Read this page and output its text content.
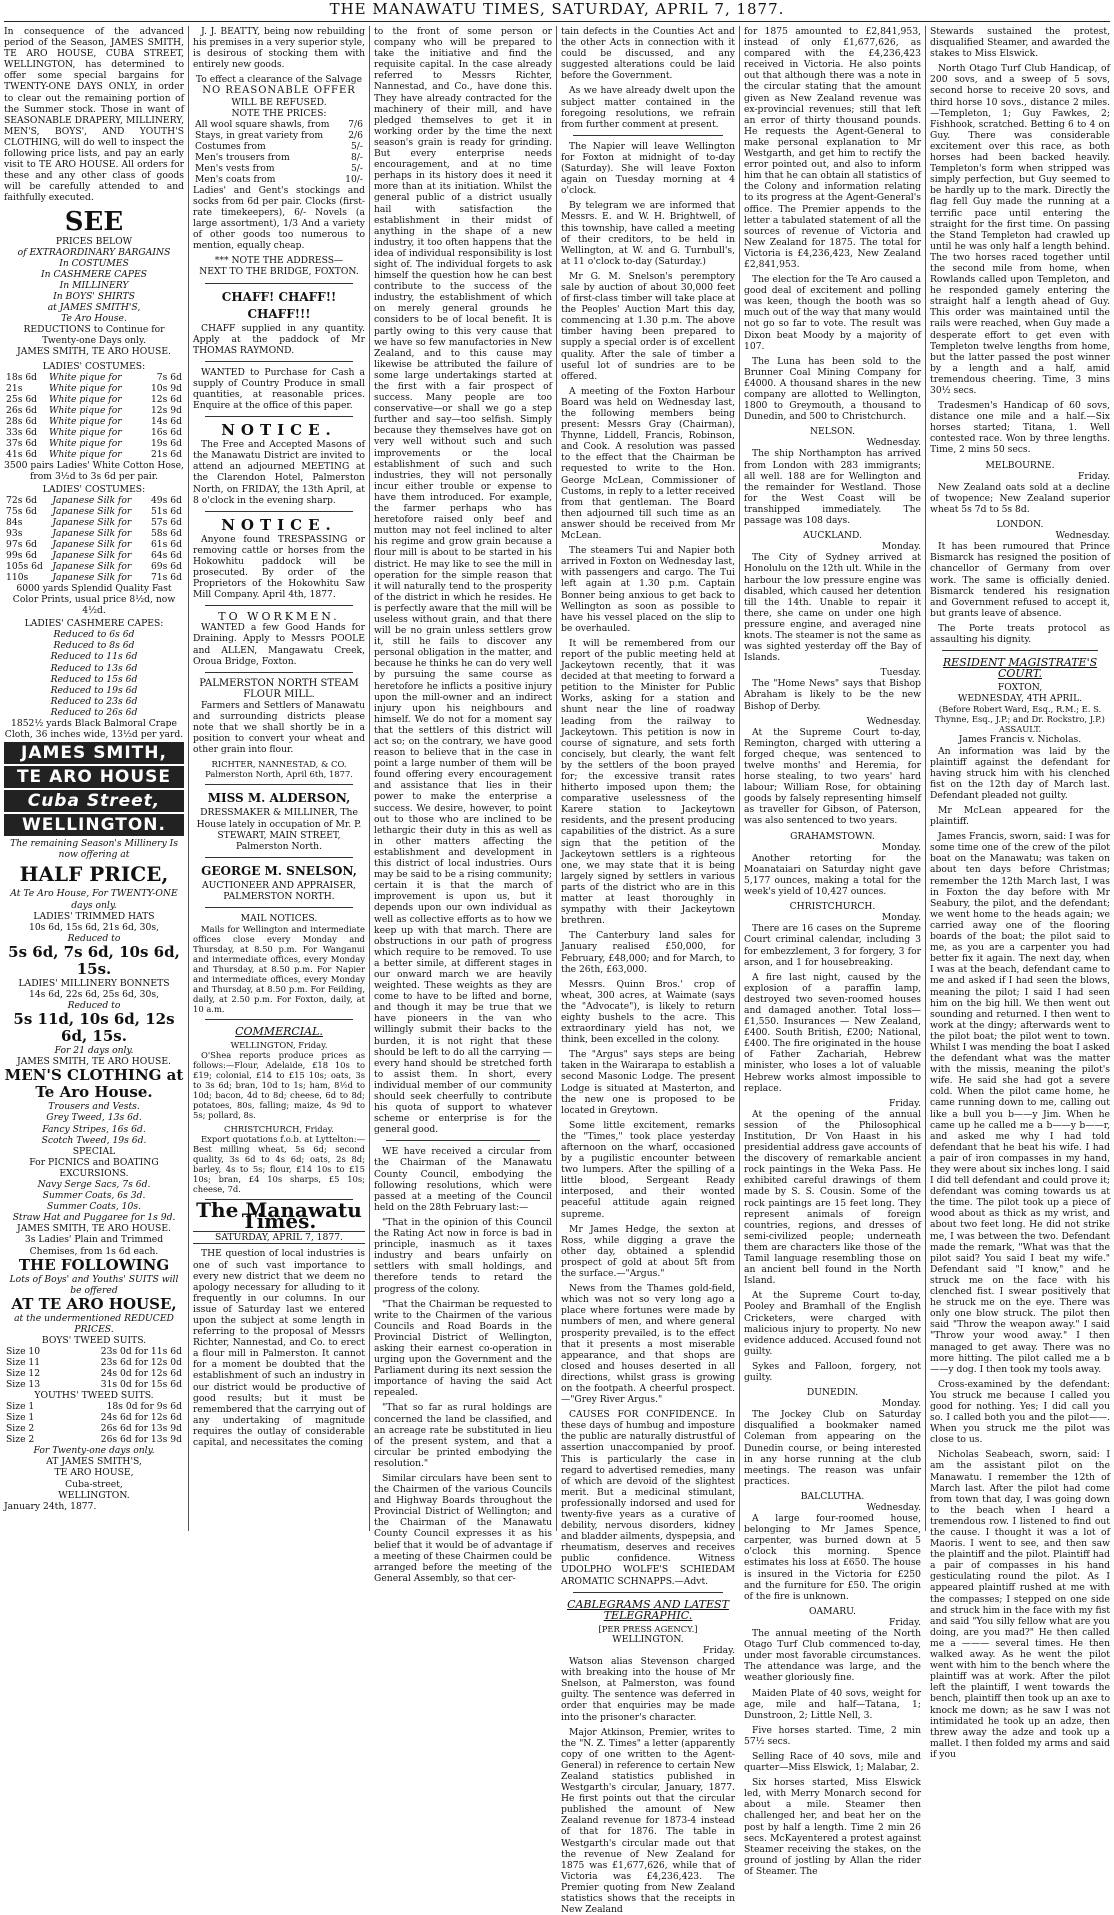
THE MANAWATU TIMES, SATURDAY, APRIL 7, 1877.

In consequence of the advanced period of the Season, JAMES SMITH, TE ARO HOUSE, CUBA STREET, WELLINGTON, has determined to offer some special bargains for TWENTY-ONE DAYS ONLY, in order to clear out the remaining portion of the Summer stock. Those in want of SEASONABLE DRAPERY, MILLINERY, MEN'S, BOYS', AND YOUTH'S CLOTHING, will do well to inspect the following price lists, and pay an early visit to TE ARO HOUSE. All orders for these and any other class of goods will be carefully attended to and faithfully executed.

SEE
PRICES BELOW
of EXTRAORDINARY BARGAINS
In COSTUMES
In CASHMERE CAPES
In MILLINERY
In BOYS' SHIRTS
at JAMES SMITH'S,
Te Aro House.
REDUCTIONS to Continue for Twenty-one Days only.
JAMES SMITH, TE ARO HOUSE.
LADIES' COSTUMES:
18s 6d	White pique for	7s 6d
21s	White pique for	10s 9d
25s 6d	White pique for	12s 6d
26s 6d	White pique for	12s 9d
28s 6d	White pique for	14s 6d
33s 6d	White pique for	16s 6d
37s 6d	White pique for	19s 6d
41s 6d	White pique for	21s 6d
3500 pairs Ladies' White Cotton Hose, from 3½d to 3s 6d per pair.
LADIES' COSTUMES:
72s 6d	Japanese Silk for	49s 6d
75s 6d	Japanese Silk for	51s 6d
84s	Japanese Silk for	57s 6d
93s	Japanese Silk for	58s 6d
97s 6d	Japanese Silk for	61s 6d
99s 6d	Japanese Silk for	64s 6d
105s 6d	Japanese Silk for	69s 6d
110s	Japanese Silk for	71s 6d
6000 yards Splendid Quality Fast Color Prints, usual price 8½d, now 4½d.
LADIES' CASHMERE CAPES:
Reduced to 6s 6d
Reduced to 8s 6d
Reduced to 11s 6d
Reduced to 13s 6d
Reduced to 15s 6d
Reduced to 19s 6d
Reduced to 23s 6d
Reduced to 26s 6d
1852½ yards Black Balmoral Crape Cloth, 36 inches wide, 13½d per yard.
JAMES SMITH,
TE ARO HOUSE
Cuba Street,
WELLINGTON.
The remaining Season's Millinery Is now offering at
HALF PRICE,
At Te Aro House, For TWENTY-ONE days only.
LADIES' TRIMMED HATS
10s 6d, 15s 6d, 21s 6d, 30s,
Reduced to
5s 6d, 7s 6d, 10s 6d, 15s.
LADIES' MILLINERY BONNETS
14s 6d, 22s 6d, 25s 6d, 30s,
Reduced to
5s 11d, 10s 6d, 12s 6d, 15s.
For 21 days only.
JAMES SMITH, TE ARO HOUSE.
MEN'S CLOTHING at Te Aro House.
Trousers and Vests.
Grey Tweed, 13s 6d.
Fancy Stripes, 16s 6d.
Scotch Tweed, 19s 6d.
SPECIAL
For PICNICS and BOATING EXCURSIONS.
Navy Serge Sacs, 7s 6d.
Summer Coats, 6s 3d.
Summer Coats, 10s.
Straw Hat and Puggaree for 1s 9d.
JAMES SMITH, TE ARO HOUSE.
3s Ladies' Plain and Trimmed Chemises, from 1s 6d each.
THE FOLLOWING
Lots of Boys' and Youths' SUITS will be offered
AT TE ARO HOUSE,
at the undermentioned REDUCED PRICES.
BOYS' TWEED SUITS.
Size 10	23s 0d for 11s 6d
Size 11	23s 6d for 12s 0d
Size 12	24s 0d for 12s 6d
Size 13	31s 0d for 15s 6d
YOUTHS' TWEED SUITS.
Size 1	18s 0d for 9s 6d
Size 1	24s 6d for 12s 6d
Size 2	26s 6d for 13s 9d
Size 2	26s 6d for 13s 9d
For Twenty-one days only.
AT JAMES SMITH'S,
TE ARO HOUSE,
Cuba-street,
WELLINGTON.
January 24th, 1877.

J. J. BEATTY, being now rebuilding his premises in a very superior style, is desirous of stocking them with entirely new goods.

To effect a clearance of the Salvage
NO REASONABLE OFFER
WILL BE REFUSED.
NOTE THE PRICES:
All wool square shawls, from	7/6
Stays, in great variety from	2/6
Costumes from	5/-
Men's trousers from	8/-
Men's vests from	5/-
Men's coats from	10/-

Ladies' and Gent's stockings and socks from 6d per pair. Clocks (first-rate timekeepers), 6/- Novels (a large assortment), 1/3 And a variety of other goods too numerous to mention, equally cheap.

*** NOTE THE ADDRESS—
NEXT TO THE BRIDGE, FOXTON.
CHAFF! CHAFF!! CHAFF!!!

CHAFF supplied in any quantity. Apply at the paddock of Mr THOMAS RAYMOND.

WANTED to Purchase for Cash a supply of Country Produce in small quantities, at reasonable prices. Enquire at the office of this paper.

NOTICE.

The Free and Accepted Masons of the Manawatu District are invited to attend an adjourned MEETING at the Clarendon Hotel, Palmerston North, on FRIDAY, the 13th April, at 8 o'clock in the evening sharp.

NOTICE.

Anyone found TRESPASSING or removing cattle or horses from the Hokowhitu paddock will be prosecuted. By order of the Proprietors of the Hokowhitu Saw Mill Company. April 4th, 1877.

TO WORKMEN.

WANTED a few Good Hands for Draining. Apply to Messrs POOLE and ALLEN, Mangawatu Creek, Oroua Bridge, Foxton.

PALMERSTON NORTH STEAM FLOUR MILL.

Farmers and Settlers of Manawatu and surrounding districts please note that we shall shortly be in a position to convert your wheat and other grain into flour.

RICHTER, NANNESTAD, & CO. Palmerston North, April 6th, 1877.
MISS M. ALDERSON,

DRESSMAKER & MILLINER, The House lately in occupation of Mr. P. STEWART, MAIN STREET, Palmerston North.

GEORGE M. SNELSON,

AUCTIONEER AND APPRAISER, PALMERSTON NORTH.

MAIL NOTICES.

Mails for Wellington and intermediate offices close every Monday and Thursday, at 8.50 p.m. For Wanganui and intermediate offices, every Monday and Thursday, at 8.50 p.m. For Napier and intermediate offices, every Monday and Thursday, at 8.50 p.m. For Feilding, daily, at 2.50 p.m. For Foxton, daily, at 10 a.m.

COMMERCIAL.
WELLINGTON, Friday.

O'Shea reports produce prices as follows:—Flour, Adelaide, £18 10s to £19; colonial, £14 to £15 10s; oats, 3s to 3s 6d; bran, 10d to 1s; ham, 8½d to 10d; bacon, 4d to 8d; cheese, 6d to 8d; potatoes, 80s, falling; maize, 4s 9d to 5s; pollard, 8s.

CHRISTCHURCH, Friday.

Export quotations f.o.b. at Lyttelton:—Best milling wheat, 5s 6d; second quality, 3s 6d to 4s 6d; oats, 2s 8d; barley, 4s to 5s; flour, £14 10s to £15 10s; bran, £4 10s sharps, £5 10s; cheese, 7d.

The Manawatu Times.
SATURDAY, APRIL 7, 1877.

THE question of local industries is one of such vast importance to every new district that we deem no apology necessary for alluding to it frequently in our columns. In our issue of Saturday last we entered upon the subject at some length in referring to the proposal of Messrs Richter, Nannestad, and Co. to erect a flour mill in Palmerston. It cannot for a moment be doubted that the establishment of such an industry in our district would be productive of good results; but it must be remembered that the carrying out of any undertaking of magnitude requires the outlay of considerable capital, and necessitates the coming

to the front of some person or company who will be prepared to take the initiative and find the requisite capital. In the case already referred to Messrs Richter, Nannestad, and Co., have done this. They have already contracted for the machinery of their mill, and have pledged themselves to get it in working order by the time the next season's grain is ready for grinding. But every enterprise needs encouragement, and at no time perhaps in its history does it need it more than at its initiation. Whilst the general public of a district usually hail with satisfaction the establishment in their midst of anything in the shape of a new industry, it too often happens that the idea of individual responsibility is lost sight of. The individual forgets to ask himself the question how he can best contribute to the success of the industry, the establishment of which on merely general grounds he considers to be of local benefit. It is partly owing to this very cause that we have so few manufactories in New Zealand, and to this cause may likewise be attributed the failure of some large undertakings started at the first with a fair prospect of success. Many people are too conservative—or shall we go a step further and say—too selfish. Simply because they themselves have got on very well without such and such improvements or the local establishment of such and such industries, they will not personally incur either trouble or expense to have them introduced. For example, the farmer perhaps who has heretofore raised only beef and mutton may not feel inclined to alter his regime and grow grain because a flour mill is about to be started in his district. He may like to see the mill in operation for the simple reason that it will naturally tend to the prosperity of the district in which he resides. He is perfectly aware that the mill will be useless without grain, and that there will be no grain unless settlers grow it, still he fails to discover any personal obligation in the matter, and because he thinks he can do very well by pursuing the same course as heretofore he inflicts a positive injury upon the mill-owner and an indirect injury upon his neighbours and himself. We do not for a moment say that the settlers of this district will act so; on the contrary, we have good reason to believe that in the case in point a large number of them will be found offering every encouragement and assistance that lies in their power to make the enterprise a success. We desire, however, to point out to those who are inclined to be lethargic their duty in this as well as in other matters affecting the establishment and development in this district of local industries. Ours may be said to be a rising community; certain it is that the march of improvement is upon us, but it depends upon our own individual as well as collective efforts as to how we keep up with that march. There are obstructions in our path of progress which require to be removed. To use a better simile, at different stages in our onward march we are heavily weighted. These weights as they are come to have to be lifted and borne, and though it may be true that we have pioneers in the van who willingly submit their backs to the burden, it is not right that these should be left to do all the carrying — every hand should be stretched forth to assist them. In short, every individual member of our community should seek cheerfully to contribute his quota of support to whatever scheme or enterprise is for the general good.

WE have received a circular from the Chairman of the Manawatu County Council, embodying the following resolutions, which were passed at a meeting of the Council held on the 28th February last:—

"That in the opinion of this Council the Rating Act now in force is bad in principle, inasmuch as it taxes industry and bears unfairly on settlers with small holdings, and therefore tends to retard the progress of the colony.

"That the Chairman be requested to write to the Chairmen of the various Councils and Road Boards in the Provincial District of Wellington, asking their earnest co-operation in urging upon the Government and the Parliament during its next session the importance of having the said Act repealed.

"That so far as rural holdings are concerned the land be classified, and an acreage rate be substituted in lieu of the present system, and that a circular be printed embodying the resolution."

Similar circulars have been sent to the Chairmen of the various Councils and Highway Boards throughout the Provincial District of Wellington; and the Chairman of the Manawatu County Council expresses it as his belief that it would be of advantage if a meeting of these Chairmen could be arranged before the meeting of the General Assembly, so that cer-

tain defects in the Counties Act and the other Acts in connection with it could be discussed, and any suggested alterations could be laid before the Government.

As we have already dwelt upon the subject matter contained in the foregoing resolutions, we refrain from further comment at present.

The Napier will leave Wellington for Foxton at midnight of to-day (Saturday). She will leave Foxton again on Tuesday morning at 4 o'clock.

By telegram we are informed that Messrs. E. and W. H. Brightwell, of this township, have called a meeting of their creditors, to be held in Wellington, at W. and G. Turnbull's, at 11 o'clock to-day (Saturday.)

Mr G. M. Snelson's peremptory sale by auction of about 30,000 feet of first-class timber will take place at the Peoples' Auction Mart this day, commencing at 1.30 p.m. The above timber having been prepared to supply a special order is of excellent quality. After the sale of timber a useful lot of sundries are to be offered.

A meeting of the Foxton Harbour Board was held on Wednesday last, the following members being present: Messrs Gray (Chairman), Thynne, Liddell, Francis, Robinson, and Cook. A resolution was passed to the effect that the Chairman be requested to write to the Hon. George McLean, Commissioner of Customs, in reply to a letter received from that gentleman. The Board then adjourned till such time as an answer should be received from Mr McLean.

The steamers Tui and Napier both arrived in Foxton on Wednesday last, with passengers and cargo. The Tui left again at 1.30 p.m. Captain Bonner being anxious to get back to Wellington as soon as possible to have his vessel placed on the slip to be overhauled.

It will be remembered from our report of the public meeting held at Jackeytown recently, that it was decided at that meeting to forward a petition to the Minister for Public Works, asking for a station and shunt near the line of roadway leading from the railway to Jackeytown. This petition is now in course of signature, and sets forth concisely, but clearly, the want felt by the settlers of the boon prayed for; the excessive transit rates hitherto imposed upon them; the comparative uselessness of the Karere station to Jackeytown residents, and the present producing capabilities of the district. As a sure sign that the petition of the Jackeytown settlers is a righteous one, we may state that it is being largely signed by settlers in various parts of the district who are in this matter at least thoroughly in sympathy with their Jackeytown brethren.

The Canterbury land sales for January realised £50,000, for February, £48,000; and for March, to the 26th, £63,000.

Messrs. Quinn Bros.' crop of wheat, 300 acres, at Waimate (says the "Advocate"), is likely to return eighty bushels to the acre. This extraordinary yield has not, we think, been excelled in the colony.

The "Argus" says steps are being taken in the Wairarapa to establish a second Masonic Lodge. The present Lodge is situated at Masterton, and the new one is proposed to be located in Greytown.

Some little excitement, remarks the "Times," took place yesterday afternoon on the wharf, occasioned by a pugilistic encounter between two lumpers. After the spilling of a little blood, Sergeant Ready interposed, and their wonted peaceful attitude again reigned supreme.

Mr James Hedge, the sexton at Ross, while digging a grave the other day, obtained a splendid prospect of gold at about 5ft from the surface.—"Argus."

News from the Thames gold-field, which was not so very long ago a place where fortunes were made by numbers of men, and where general prosperity prevailed, is to the effect that it presents a most miserable appearance, and that shops are closed and houses deserted in all directions, whilst grass is growing on the footpath. A cheerful prospect.—"Grey River Argus."

CAUSES FOR CONFIDENCE. In these days of humbug and imposture the public are naturally distrustful of assertion unaccompanied by proof. This is particularly the case in regard to advertised remedies, many of which are devoid of the slightest merit. But a medicinal stimulant, professionally indorsed and used for twenty-five years as a curative of debility, nervous disorders, kidney and bladder ailments, dyspepsia, and rheumatism, deserves and receives public confidence. Witness UDOLPHO WOLFE'S SCHIEDAM AROMATIC SCHNAPPS.—Advt.

CABLEGRAMS AND LATEST TELEGRAPHIC.
[PER PRESS AGENCY.]
WELLINGTON.
Friday.

Watson alias Stevenson charged with breaking into the house of Mr Snelson, at Palmerston, was found guilty. The sentence was deferred in order that enquiries may be made into the prisoner's character.

Major Atkinson, Premier, writes to the "N. Z. Times" a letter (apparently copy of one written to the Agent-General) in reference to certain New Zealand statistics published in Westgarth's circular, January, 1877. He first points out that the circular published the amount of New Zealand revenue for 1873-4 instead of that for 1876. The table in Westgarth's circular made out that the revenue of New Zealand for 1875 was £1,677,626, while that of Victoria was £4,236,423. The Premier quoting from New Zealand statistics shows that the receipts in New Zealand

for 1875 amounted to £2,841,953, instead of only £1,677,626, as compared with the £4,236,423 received in Victoria. He also points out that although there was a note in the circular stating that the amount given as New Zealand revenue was ex-provincial revenues; still that left an error of thirty thousand pounds. He requests the Agent-General to make personal explanation to Mr Westgarth, and get him to rectify the error pointed out, and also to inform him that he can obtain all statistics of the Colony and information relating to its progress at the Agent-General's office. The Premier appends to the letter a tabulated statement of all the sources of revenue of Victoria and New Zealand for 1875. The total for Victoria is £4,236,423, New Zealand £2,841,953.

The election for the Te Aro caused a good deal of excitement and polling was keen, though the booth was so much out of the way that many would not go so far to vote. The result was Dixon beat Moody by a majority of 107.

The Luna has been sold to the Brunner Coal Mining Company for £4000. A thousand shares in the new company are allotted to Wellington, 1800 to Greymouth, a thousand to Dunedin, and 500 to Christchurch.

NELSON.
Wednesday.

The ship Northampton has arrived from London with 283 immigrants; all well. 188 are for Wellington and the remainder for Westland. Those for the West Coast will be transhipped immediately. The passage was 108 days.

AUCKLAND.
Monday.

The City of Sydney arrived at Honolulu on the 12th ult. While in the harbour the low pressure engine was disabled, which caused her detention till the 14th. Unable to repair it there, she came on under one high pressure engine, and averaged nine knots. The steamer is not the same as was sighted yesterday off the Bay of Islands.

Tuesday.

The "Home News" says that Bishop Abraham is likely to be the new Bishop of Derby.

Wednesday.

At the Supreme Court to-day, Remington, charged with uttering a forged cheque, was sentenced to twelve months' and Heremia, for horse stealing, to two years' hard labour; William Rose, for obtaining goods by falsely representing himself as traveller for Gibson, of Paterson, was also sentenced to two years.

GRAHAMSTOWN.
Monday.

Another retorting for the Moanataiari on Saturday night gave 5,177 ounces, making a total for the week's yield of 10,427 ounces.

CHRISTCHURCH.
Monday.

There are 16 cases on the Supreme Court criminal calendar, including 3 for embezzlement, 3 for forgery, 3 for arson, and 1 for housebreaking.

A fire last night, caused by the explosion of a paraffin lamp, destroyed two seven-roomed houses and damaged another. Total loss—£1,550. Insurances — New Zealand, £400. South British, £200; National, £400. The fire originated in the house of Father Zachariah, Hebrew minister, who loses a lot of valuable Hebrew works almost impossible to replace.

Friday.

At the opening of the annual session of the Philosophical Institution, Dr Von Haast in his presidential address gave accounts of the discovery of remarkable ancient rock paintings in the Weka Pass. He exhibited careful drawings of them made by S. S. Cousin. Some of the rock paintings are 15 feet long. They represent animals of foreign countries, regions, and dresses of semi-civilized people; underneath them are characters like those of the Tamil language resembling those on an ancient bell found in the North Island.

At the Supreme Court to-day, Pooley and Bramhall of the English Cricketers, were charged with malicious injury to property. No new evidence adduced. Accused found not guilty.

Sykes and Falloon, forgery, not guilty.

DUNEDIN.
Monday.

The Jockey Club on Saturday disqualified a bookmaker named Coleman from appearing on the Dunedin course, or being interested in any horse running at the club meetings. The reason was unfair practices.

BALCLUTHA.
Wednesday.

A large four-roomed house, belonging to Mr James Spence, carpenter, was burned down at 5 o'clock this morning. Spence estimates his loss at £650. The house is insured in the Victoria for £250 and the furniture for £50. The origin of the fire is unknown.

OAMARU.
Friday.

The annual meeting of the North Otago Turf Club commenced to-day, under most favorable circumstances. The attendance was large, and the weather gloriously fine.

Maiden Plate of 40 sovs, weight for age, mile and half—Tatana, 1; Dunstroon, 2; Little Nell, 3.

Five horses started. Time, 2 min 57½ secs.

Selling Race of 40 sovs, mile and quarter—Miss Elswick, 1; Malabar, 2.

Six horses started, Miss Elswick led, with Merry Monarch second for about a mile. Steamer then challenged her, and beat her on the post by half a length. Time 2 min 26 secs. McKayentered a protest against Steamer receiving the stakes, on the ground of jostling by Allan the rider of Steamer. The

Stewards sustained the protest, disqualified Steamer, and awarded the stakes to Miss Elswick.

North Otago Turf Club Handicap, of 200 sovs, and a sweep of 5 sovs, second horse to receive 20 sovs, and third horse 10 sovs., distance 2 miles.—Templeton, 1; Guy Fawkes, 2; Fishhook, scratched. Betting 6 to 4 on Guy. There was considerable excitement over this race, as both horses had been backed heavily. Templeton's form when stripped was simply perfection, but Guy seemed to be hardly up to the mark. Directly the flag fell Guy made the running at a terrific pace until entering the straight for the first time. On passing the Stand Templeton had crawled up until he was only half a length behind. The two horses raced together until the second mile from home, when Rowlands called upon Templeton, and he responded gamely entering the straight half a length ahead of Guy. This order was maintained until the rails were reached, when Guy made a desperate effort to get even with Templeton twelve lengths from home, but the latter passed the post winner by a length and a half, amid tremendous cheering. Time, 3 mins 30½ secs.

Tradesmen's Handicap of 60 sovs, distance one mile and a half.—Six horses started; Titana, 1. Well contested race. Won by three lengths. Time, 2 mins 50 secs.

MELBOURNE.
Friday.

New Zealand oats sold at a decline of twopence; New Zealand superior wheat 5s 7d to 5s 8d.

LONDON.
Wednesday.

It has been rumoured that Prince Bismarck has resigned the position of chancellor of Germany from over work. The same is officially denied. Bismarck tendered his resignation and Government refused to accept it, but grants leave of absence.

The Porte treats protocol as assaulting his dignity.

RESIDENT MAGISTRATE'S COURT.
FOXTON,
WEDNESDAY, 4TH APRIL.
(Before Robert Ward, Esq., R.M.; E. S. Thynne, Esq., J.P.; and Dr. Rockstro, J.P.)
ASSAULT.
James Francis v. Nicholas.

An information was laid by the plaintiff against the defendant for having struck him with his clenched fist on the 12th day of March last. Defendant pleaded not guilty.

Mr McLean appeared for the plaintiff.

James Francis, sworn, said: I was for some time one of the crew of the pilot boat on the Manawatu; was taken on about ten days before Christmas; remember the 12th March last, I was in Foxton the day before with Mr Seabury, the pilot, and the defendant; we went home to the heads again; we carried away one of the flooring boards of the boat; the pilot said to me, as you are a carpenter you had better fix it again. The next day, when I was at the beach, defendant came to me and asked if I had seen the blows, meaning the pilot; I said I had seen him on the big hill. We then went out sounding and returned. I then went to work at the dingy; afterwards went to the pilot boat; the pilot went to town. Whilst I was mending the boat I asked the defendant what was the matter with the missis, meaning the pilot's wife. He said she had got a severe cold. When the pilot came home, he came running down to me, calling out like a bull you b——y Jim. When he came up he called me a b——y b——r, and asked me why I had told defendant that he beat his wife. I had a pair of iron compasses in my hand, they were about six inches long. I said I did tell defendant and could prove it; defendant was coming towards us at the time. The pilot took up a piece of wood about as thick as my wrist, and about two feet long. He did not strike me, I was between the two. Defendant made the remark, "What was that the pilot said? You said I beat my wife." Defendant said "I know," and he struck me on the face with his clenched fist. I swear positively that he struck me on the eye. There was only one blow struck. The pilot then said "Throw the weapon away." I said "Throw your wood away." I then managed to get away. There was no more hitting. The pilot called me a b——y dog. I then took my tools away.

Cross-examined by the defendant: You struck me because I called you good for nothing. Yes; I did call you so. I called both you and the pilot——. When you struck me the pilot was close to us.

Nicholas Seabeach, sworn, said: I am the assistant pilot on the Manawatu. I remember the 12th of March last. After the pilot had come from town that day, I was going down to the beach when I heard a tremendous row. I listened to find out the cause. I thought it was a lot of Maoris. I went to see, and then saw the plaintiff and the pilot. Plaintiff had a pair of compasses in his hand gesticulating round the pilot. As I appeared plaintiff rushed at me with the compasses; I stepped on one side and struck him in the face with my fist and said "You silly fellow what are you doing, are you mad?" He then called me a ——— several times. He then walked away. As he went the pilot went with him to the bench where the plaintiff was at work. After the pilot left the plaintiff, I went towards the bench, plaintiff then took up an axe to knock me down; as he saw I was not intimidated he took up an adze, then threw away the adze and took up a mallet. I then folded my arms and said if you
